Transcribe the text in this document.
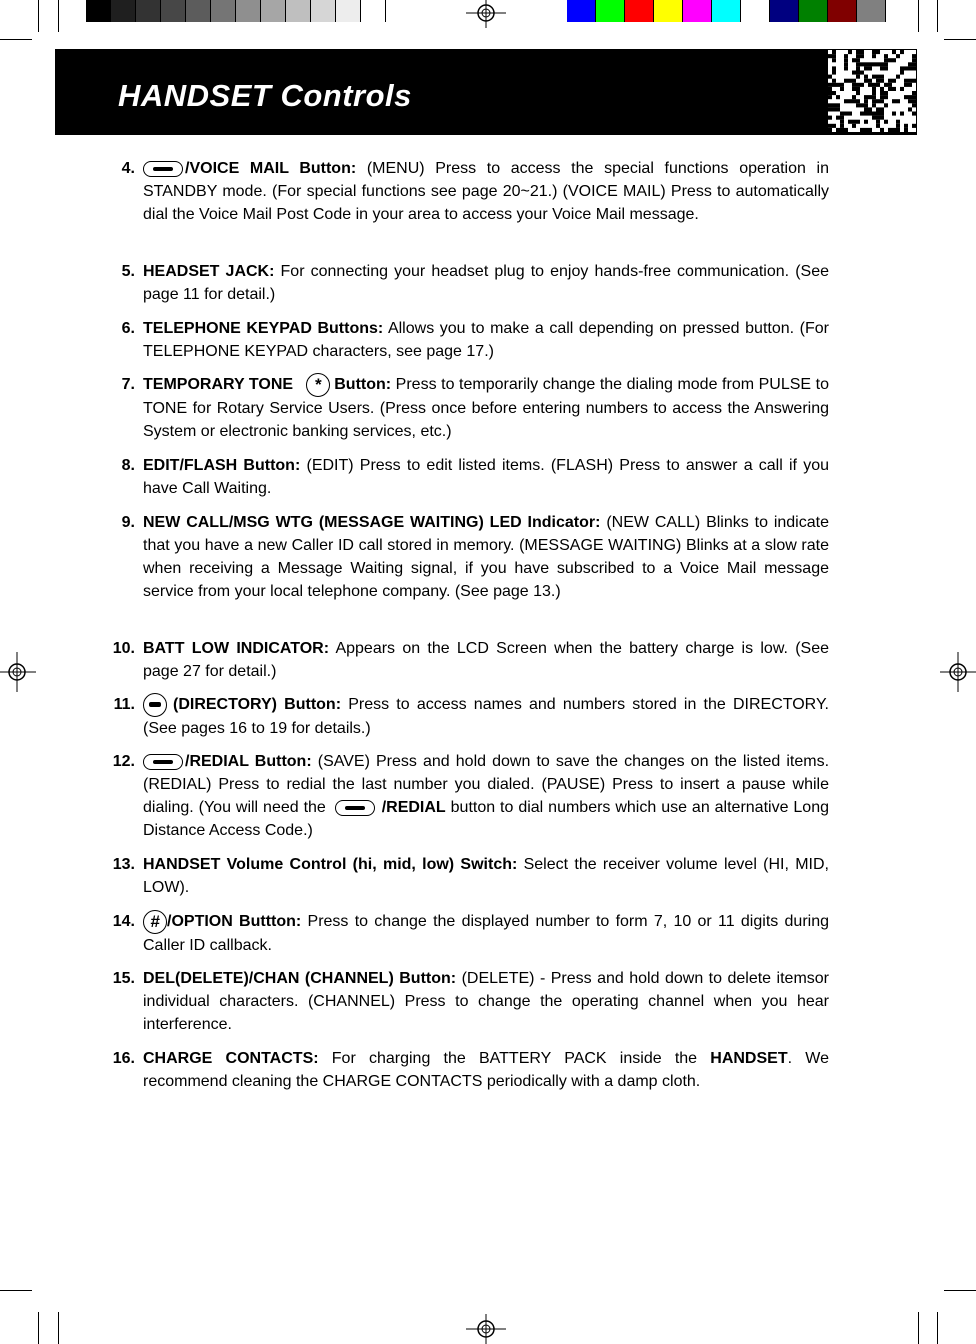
HANDSET Controls
4.	/VOICE MAIL Button: (MENU) Press to access the special functions operation in STANDBY mode. (For special functions see page 20~21.) (VOICE MAIL) Press to automatically dial the Voice Mail Post Code in your area to access your Voice Mail message.
5. HEADSET JACK: For connecting your headset plug to enjoy hands-free communication. (See page 11 for detail.)
6. TELEPHONE KEYPAD Buttons: Allows you to make a call depending on pressed button. (For TELEPHONE KEYPAD characters, see page 17.)
7. TEMPORARY TONE * Button: Press to temporarily change the dialing mode from PULSE to TONE for Rotary Service Users. (Press once before entering numbers to access the Answering System or electronic banking services, etc.)
8. EDIT/FLASH Button: (EDIT) Press to edit listed items. (FLASH) Press to answer a call if you have Call Waiting.
9. NEW CALL/MSG WTG (MESSAGE WAITING) LED Indicator: (NEW CALL) Blinks to indicate that you have a new Caller ID call stored in memory. (MESSAGE WAITING) Blinks at a slow rate when receiving a Message Waiting signal, if you have subscribed to a Voice Mail message service from your local telephone company. (See page 13.)
10. BATT LOW INDICATOR: Appears on the LCD Screen when the battery charge is low. (See page 27 for detail.)
11.	(DIRECTORY) Button: Press to access names and numbers stored in the DIRECTORY. (See pages 16 to 19 for details.)
12.	/REDIAL Button: (SAVE) Press and hold down to save the changes on the listed items. (REDIAL) Press to redial the last number you dialed. (PAUSE) Press to insert a pause while dialing. (You will need the	/REDIAL button to dial numbers which use an alternative Long Distance Access Code.)
13. HANDSET Volume Control (hi, mid, low) Switch: Select the receiver volume level (HI, MID, LOW).
14. # /OPTION Buttton: Press to change the displayed number to form 7, 10 or 11 digits during Caller ID callback.
15. DEL(DELETE)/CHAN (CHANNEL) Button: (DELETE) - Press and hold down to delete itemsor individual characters. (CHANNEL) Press to change the operating channel when you hear interference.
16. CHARGE CONTACTS: For charging the BATTERY PACK inside the HANDSET. We recommend cleaning the CHARGE CONTACTS periodically with a damp cloth.
